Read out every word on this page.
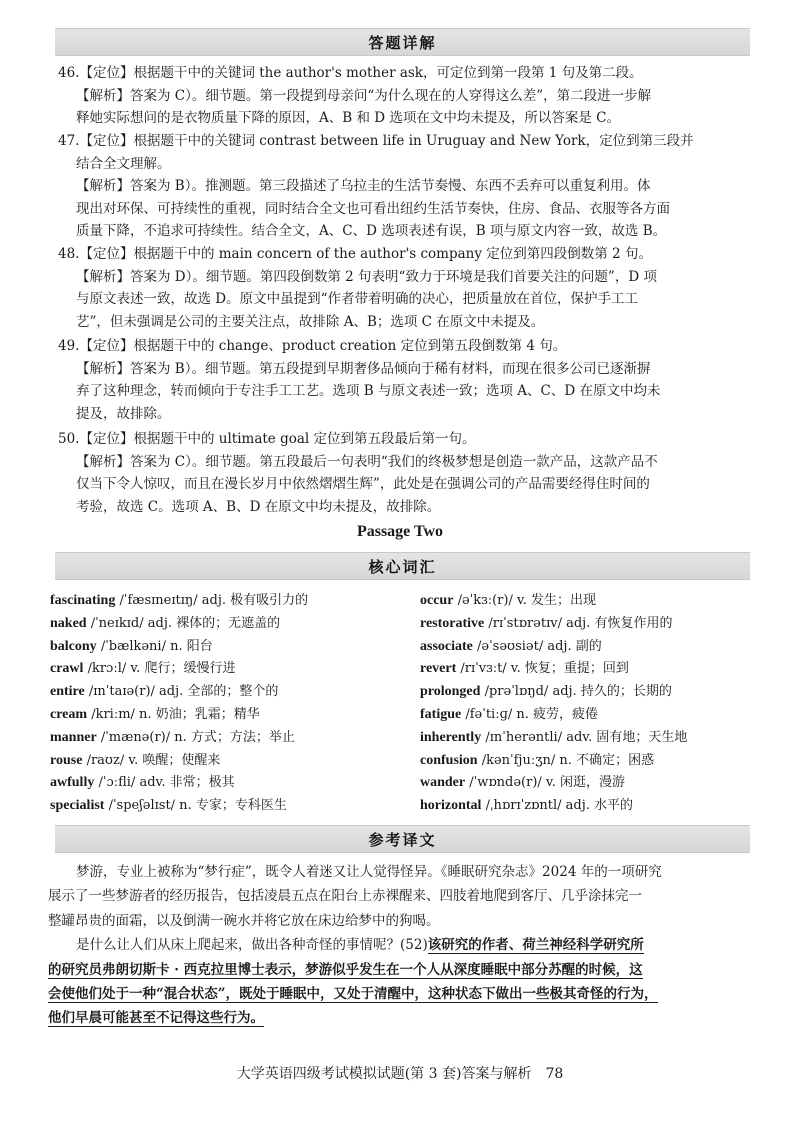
答题详解
46.【定位】根据题干中的关键词 the author's mother ask，可定位到第一段第 1 句及第二段。
【解析】答案为 C）。细节题。第一段提到母亲问“为什么现在的人穿得这么差”，第二段进一步解
释她实际想问的是衣物质量下降的原因，A、B 和 D 选项在文中均未提及，所以答案是 C。
47.【定位】根据题干中的关键词 contrast between life in Uruguay and New York，定位到第三段并
结合全文理解。
【解析】答案为 B）。推测题。第三段描述了乌拉圭的生活节奏慢、东西不丢弃可以重复利用。体
现出对环保、可持续性的重视，同时结合全文也可看出纽约生活节奏快，住房、食品、衣服等各方面
质量下降，不追求可持续性。结合全文，A、C、D 选项表述有误，B 项与原文内容一致，故选 B。
48.【定位】根据题干中的 main concern of the author's company 定位到第四段倒数第 2 句。
【解析】答案为 D）。细节题。第四段倒数第 2 句表明“致力于环境是我们首要关注的问题”，D 项
与原文表述一致，故选 D。原文中虽提到“作者带着明确的决心，把质量放在首位，保护手工工
艺”，但未强调是公司的主要关注点，故排除 A、B；选项 C 在原文中未提及。
49.【定位】根据题干中的 change、product creation 定位到第五段倒数第 4 句。
【解析】答案为 B）。细节题。第五段提到早期奢侈品倾向于稀有材料，而现在很多公司已逐渐摒
弃了这种理念，转而倾向于专注手工工艺。选项 B 与原文表述一致；选项 A、C、D 在原文中均未
提及，故排除。
50.【定位】根据题干中的 ultimate goal 定位到第五段最后第一句。
【解析】答案为 C）。细节题。第五段最后一句表明“我们的终极梦想是创造一款产品，这款产品不
仅当下令人惊叹，而且在漫长岁月中依然熠熠生辉”，此处是在强调公司的产品需要经得住时间的
考验，故选 C。选项 A、B、D 在原文中均未提及，故排除。
Passage Two
核心词汇
fascinating /ˈfæsɪneɪtɪŋ/ adj. 极有吸引力的
naked /ˈneɪkɪd/ adj. 裸体的；无遮盖的
balcony /ˈbælkəni/ n. 阳台
crawl /krɔːl/ v. 爬行；缓慢行进
entire /ɪnˈtaɪə(r)/ adj. 全部的；整个的
cream /kriːm/ n. 奶油；乳霜；精华
manner /ˈmænə(r)/ n. 方式；方法；举止
rouse /raʊz/ v. 唤醒；使醒来
awfully /ˈɔːfli/ adv. 非常；极其
specialist /ˈspeʃəlɪst/ n. 专家；专科医生
occur /əˈkɜː(r)/ v. 发生；出现
restorative /rɪˈstɒrətɪv/ adj. 有恢复作用的
associate /əˈsəʊsiət/ adj. 副的
revert /rɪˈvɜːt/ v. 恢复；重提；回到
prolonged /prəˈlɒŋd/ adj. 持久的；长期的
fatigue /fəˈtiːɡ/ n. 疲劳，疲倦
inherently /ɪnˈherəntli/ adv. 固有地；天生地
confusion /kənˈfjuːʒn/ n. 不确定；困惑
wander /ˈwɒndə(r)/ v. 闲逛，漫游
horizontal /ˌhɒrɪˈzɒntl/ adj. 水平的
参考译文

梦游，专业上被称为“梦行症”，既令人着迷又让人觉得怪异。《睡眠研究杂志》2024 年的一项研究

展示了一些梦游者的经历报告，包括凌晨五点在阳台上赤裸醒来、四肢着地爬到客厅、几乎涂抹完一

整罐昂贵的面霜，以及倒满一碗水并将它放在床边给梦中的狗喝。

是什么让人们从床上爬起来，做出各种奇怪的事情呢？(52)该研究的作者、荷兰神经科学研究所

的研究员弗朗切斯卡 · 西克拉里博士表示，梦游似乎发生在一个人从深度睡眠中部分苏醒的时候，这

会使他们处于一种“混合状态”，既处于睡眠中，又处于清醒中，这种状态下做出一些极其奇怪的行为，

他们早晨可能甚至不记得这些行为。

大学英语四级考试模拟试题(第 3 套)答案与解析 78
